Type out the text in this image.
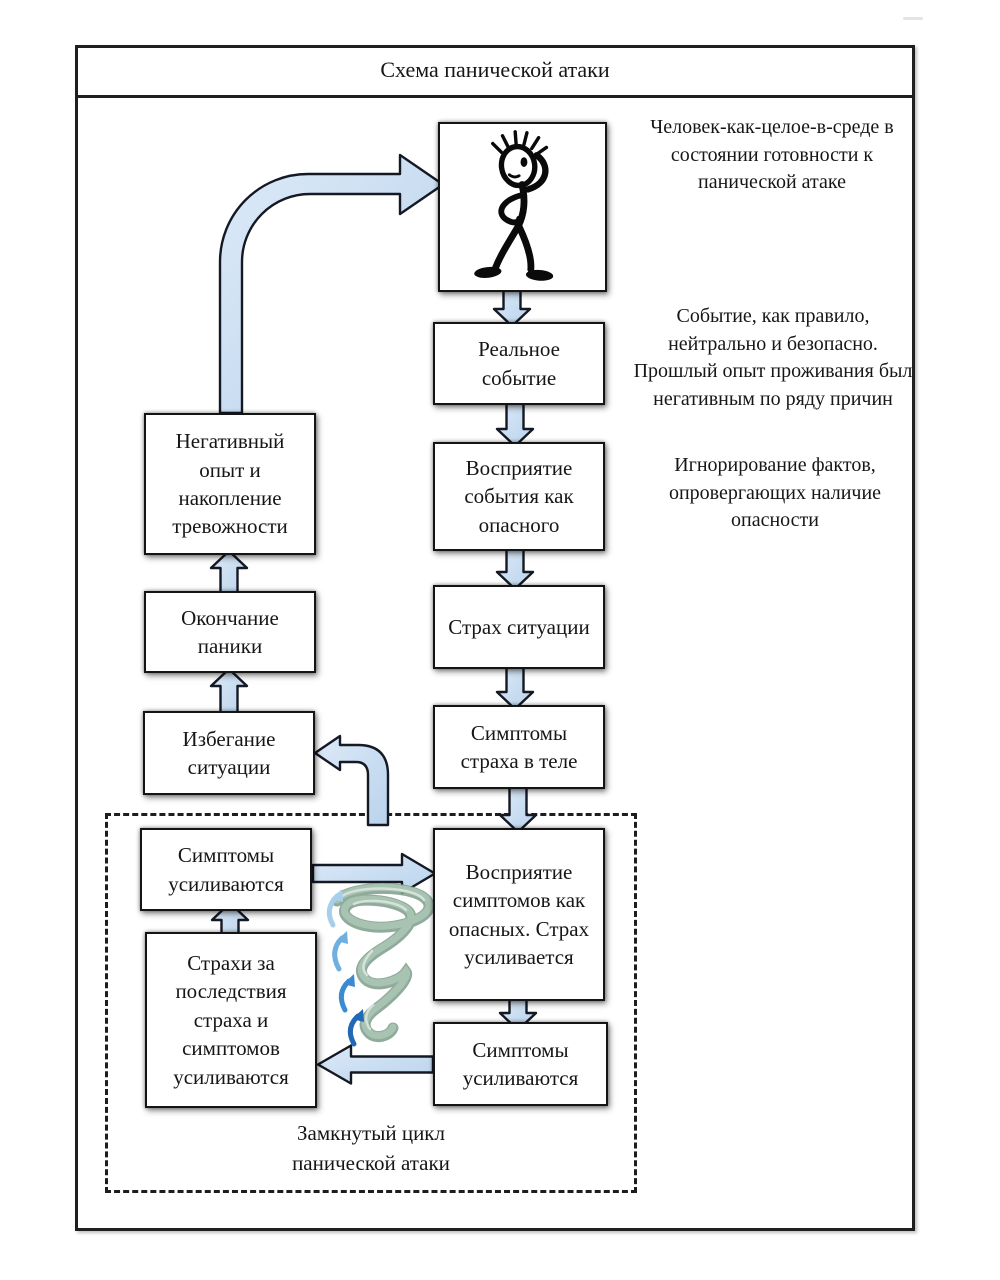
Схема панической атаки
Реальное событие
Восприятие события как опасного
Страх ситуации
Симптомы страха в теле
Восприятие симптомов как опасных. Страх усиливается
Симптомы усиливаются
Негативный опыт и накопление тревожности
Окончание паники
Избегание ситуации
Симптомы усиливаются
Страхи за последствия страха и симптомов усиливаются
Замкнутый цикл панической атаки
Человек-как-целое-в-среде в состоянии готовности к панической атаке
Событие, как правило, нейтрально и безопасно. Прошлый опыт проживания был негативным по ряду причин
Игнорирование фактов, опровергающих наличие опасности
